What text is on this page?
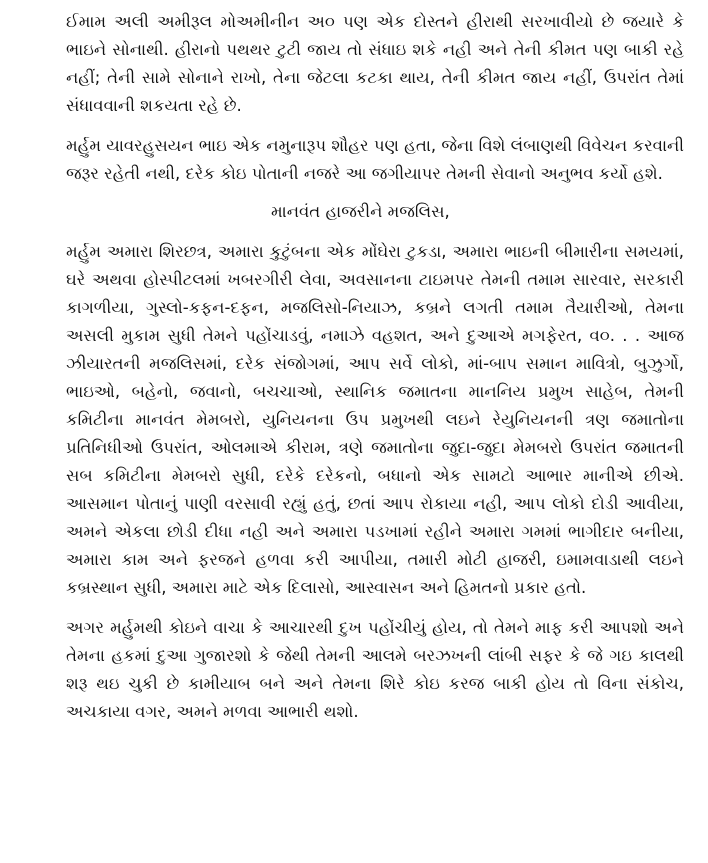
ઈમામ અલી અમીરૂલ મોઅમીનીન અ૦ પણ એક દોસ્તને હીરાથી સરખાવીયો છે જયારે કે ભાઇને સોનાથી. હીરાનો પથથર ટુટી જાય તો સંધાઇ શકે નહી અને તેની કીમત પણ બાકી રહે નહીં; તેની સામે સોનાને રાખો, તેના જેટલા કટકા થાય, તેની કીમત જાય નહીં, ઉપરાંત તેમાં સંધાવવાની શકયતા રહે છે.

મર્હુમ યાવરહુસયન ભાઇ એક નમુનારૂપ શૌહર પણ હતા, જેના વિશે લંબાણથી વિવેચન કરવાની જરૂર રહેતી નથી, દરેક કોઇ પોતાની નજરે આ જગીયાપર તેમની સેવાનો અનુભવ કર્યો હશે.

માનવંત હાજરીને મજલિસ,

મર્હુમ અમારા શિરછત્ર, અમારા કુટુંબના એક મોંઘેરા ટુકડા, અમારા ભાઇની બીમારીના સમયમાં, ઘરે અથવા હોસ્પીટલમાં ખબરગીરી લેવા, અવસાનના ટાઇમપર તેમની તમામ સારવાર, સરકારી કાગળીયા, ગુસ્લો-કફન-દફન, મજલિસો-નિયાઝ, કબ્રને લગતી તમામ તૈયારીઓ, તેમના અસલી મુકામ સુધી તેમને પહોંચાડવું, નમાઝે વહશત, અને દુઆએ મગફેરત, વ૦. . . આજ ઝીયારતની મજલિસમાં, દરેક સંજોગમાં, આપ સર્વે લોકો, માં-બાપ સમાન માવિત્રો, બુઝુર્ગો, ભાઇઓ, બહેનો, જવાનો, બચચાઓ, સ્થાનિક જમાતના માનનિય પ્રમુખ સાહેબ, તેમની કમિટીના માનવંત મેમબરો, યુનિયનના ઉપ પ્રમુખથી લઇને રેયુનિયનની ત્રણ જમાતોના પ્રતિનિધીઓ ઉપરાંત, ઓલમાએ કીરામ, ત્રણે જમાતોના જુદા-જુદા મેમબરો ઉપરાંત જમાતની સબ કમિટીના મેમબરો સુધી, દરેકે દરેકનો, બધાનો એક સામટો આભાર માનીએ છીએ. આસમાન પોતાનું પાણી વરસાવી રહ્યું હતું, છતાં આપ રોકાયા નહી, આપ લોકો દોડી આવીયા, અમને એકલા છોડી દીધા નહી અને અમારા પડખામાં રહીને અમારા ગમમાં ભાગીદાર બનીયા, અમારા કામ અને ફરજને હળવા કરી આપીયા, તમારી મોટી હાજરી, ઇમામવાડાથી લઇને કબ્રસ્થાન સુધી, અમારા માટે એક દિલાસો, આસ્વાસન અને હિમતનો પ્રકાર હતો.

અગર મર્હુમથી કોઇને વાચા કે આચારથી દુખ પહોંચીયું હોય, તો તેમને માફ કરી આપશો અને તેમના હકમાં દુઆ ગુજારશો કે જેથી તેમની આલમે બરઝખની લાંબી સફર કે જે ગઇ કાલથી શરૂ થઇ ચુકી છે કામીયાબ બને અને તેમના શિરે કોઇ કરજ બાકી હોય તો વિના સંકોચ, અચકાયા વગર, અમને મળવા આભારી થશો.
